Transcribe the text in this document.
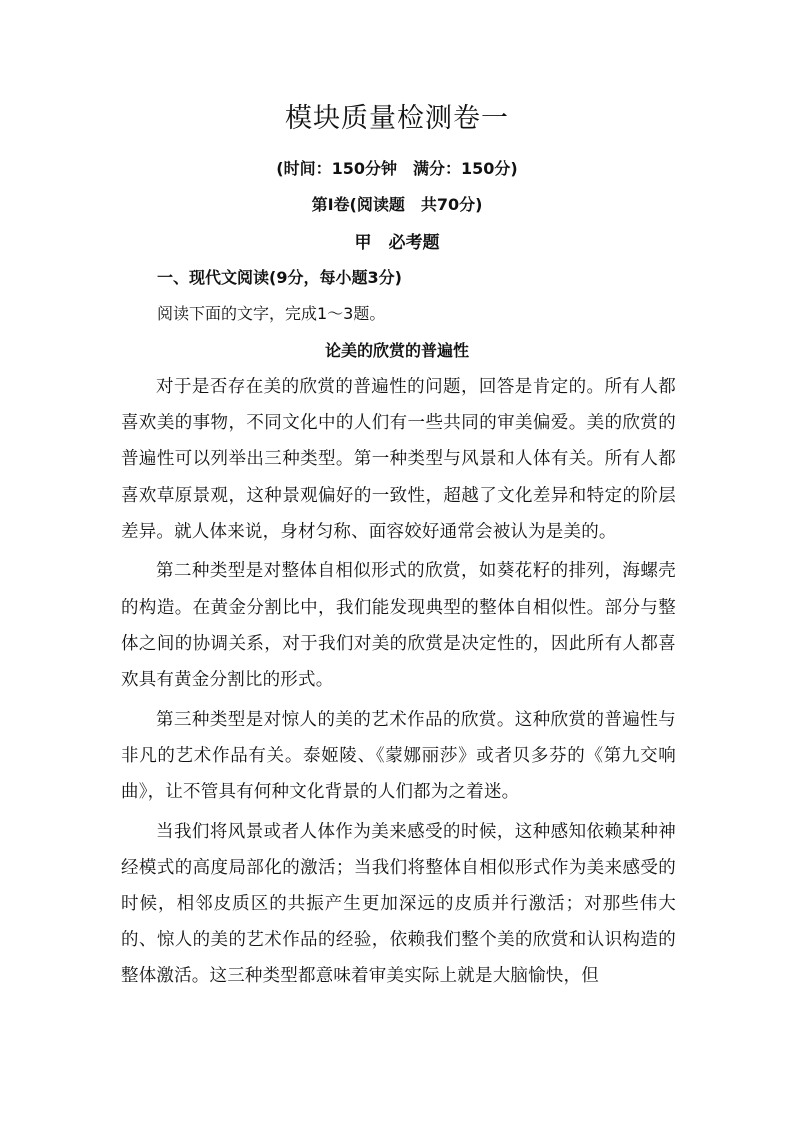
模块质量检测卷一
(时间：150分钟　满分：150分)
第Ⅰ卷(阅读题　共70分)
甲　必考题
一、现代文阅读(9分，每小题3分)
阅读下面的文字，完成1～3题。
论美的欣赏的普遍性

对于是否存在美的欣赏的普遍性的问题，回答是肯定的。所有人都喜欢美的事物，不同文化中的人们有一些共同的审美偏爱。美的欣赏的普遍性可以列举出三种类型。第一种类型与风景和人体有关。所有人都喜欢草原景观，这种景观偏好的一致性，超越了文化差异和特定的阶层差异。就人体来说，身材匀称、面容姣好通常会被认为是美的。

第二种类型是对整体自相似形式的欣赏，如葵花籽的排列，海螺壳的构造。在黄金分割比中，我们能发现典型的整体自相似性。部分与整体之间的协调关系，对于我们对美的欣赏是决定性的，因此所有人都喜欢具有黄金分割比的形式。

第三种类型是对惊人的美的艺术作品的欣赏。这种欣赏的普遍性与非凡的艺术作品有关。泰姬陵、《蒙娜丽莎》或者贝多芬的《第九交响曲》，让不管具有何种文化背景的人们都为之着迷。

当我们将风景或者人体作为美来感受的时候，这种感知依赖某种神经模式的高度局部化的激活；当我们将整体自相似形式作为美来感受的时候，相邻皮质区的共振产生更加深远的皮质并行激活；对那些伟大的、惊人的美的艺术作品的经验，依赖我们整个美的欣赏和认识构造的整体激活。这三种类型都意味着审美实际上就是大脑愉快，但
